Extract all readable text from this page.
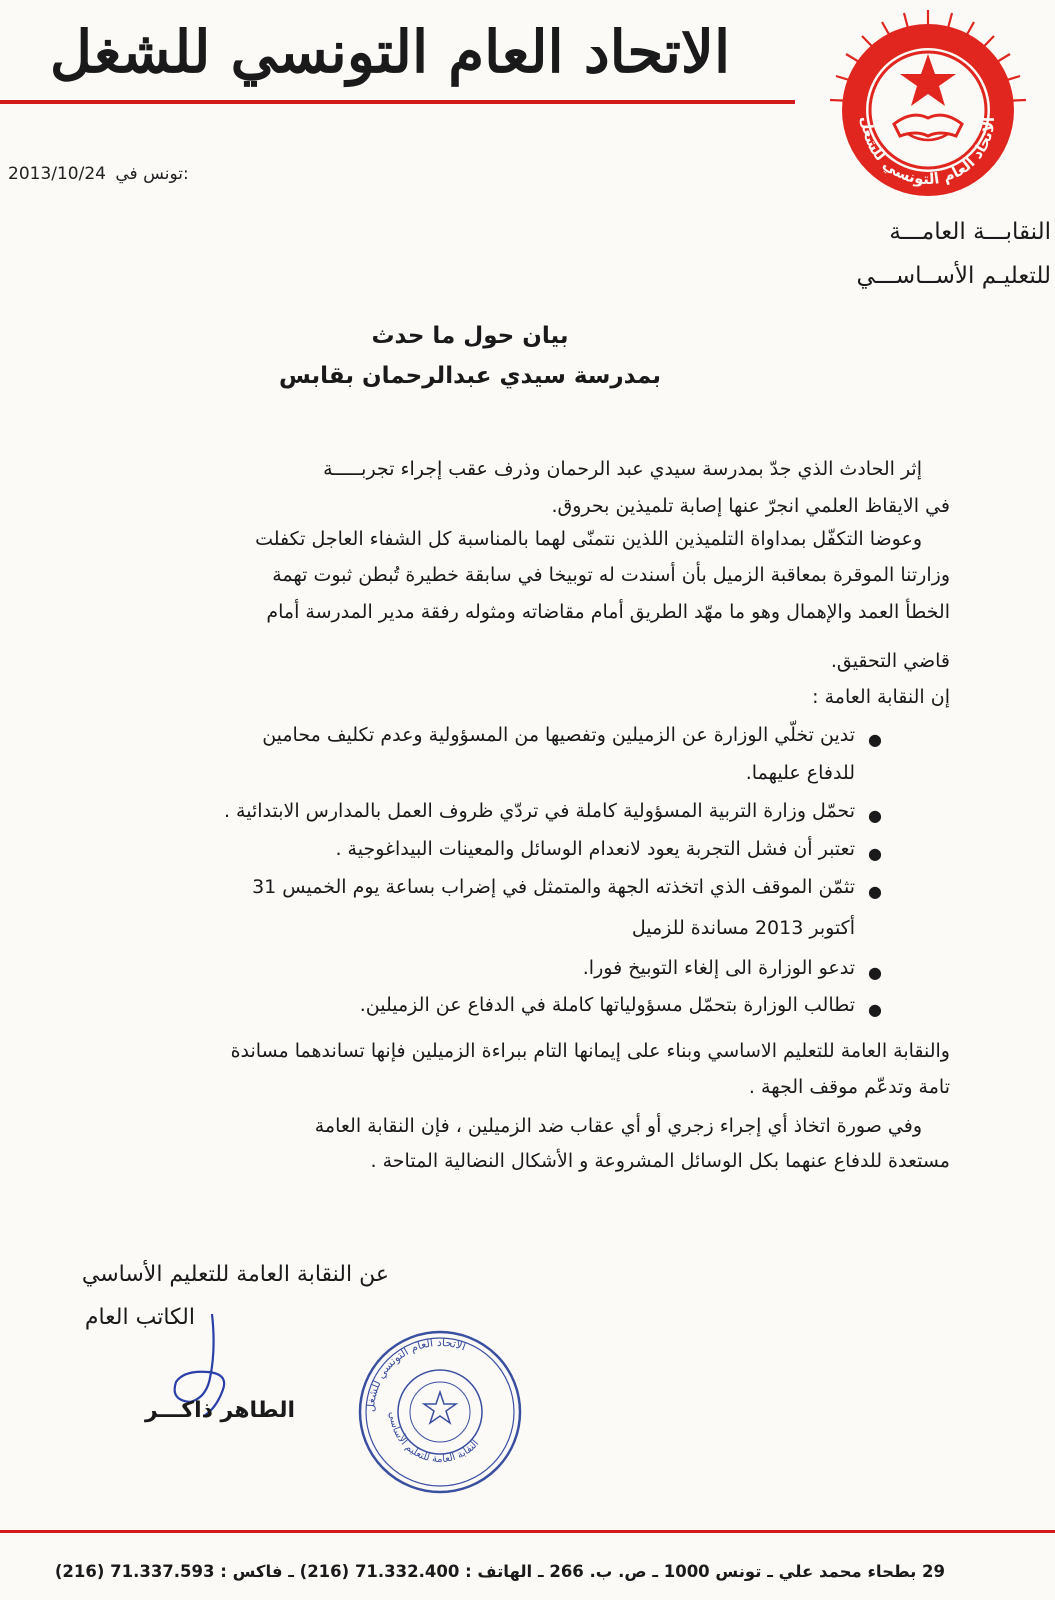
الاتحاد العام التونسي للشغل
الاتحاد العام التونسي للشغل
2013/10/24 تونس في:
النقابـــة العامـــة
للتعليـم الأســاســـي
بيان حول ما حدث
بمدرسة سيدي عبدالرحمان بقابس
إثر الحادث الذي جدّ بمدرسة سيدي عبد الرحمان وذرف عقب إجراء تجربـــــة
في الايقاظ العلمي انجرّ عنها إصابة تلميذين بحروق.
وعوضا التكفّل بمداواة التلميذين اللذين نتمنّى لهما بالمناسبة كل الشفاء العاجل تكفلت
وزارتنا الموقرة بمعاقبة الزميل بأن أسندت له توبيخا في سابقة خطيرة تُبطن ثبوت تهمة
الخطأ العمد والإهمال وهو ما مهّد الطريق أمام مقاضاته ومثوله رفقة مدير المدرسة أمام
قاضي التحقيق.
إن النقابة العامة :
●
تدين تخلّي الوزارة عن الزميلين وتفصيها من المسؤولية وعدم تكليف محامين
للدفاع عليهما.
●
تحمّل وزارة التربية المسؤولية كاملة في تردّي ظروف العمل بالمدارس الابتدائية .
●
تعتبر أن فشل التجربة يعود لانعدام الوسائل والمعينات البيداغوجية .
●
تثمّن الموقف الذي اتخذته الجهة والمتمثل في إضراب بساعة يوم الخميس 31
أكتوبر 2013 مساندة للزميل
●
تدعو الوزارة الى إلغاء التوبيخ فورا.
●
تطالب الوزارة بتحمّل مسؤولياتها كاملة في الدفاع عن الزميلين.
والنقابة العامة للتعليم الاساسي وبناء على إيمانها التام ببراءة الزميلين فإنها تساندهما مساندة
تامة وتدعّم موقف الجهة .
وفي صورة اتخاذ أي إجراء زجري أو أي عقاب ضد الزميلين ، فإن النقابة العامة
مستعدة للدفاع عنهما بكل الوسائل المشروعة و الأشكال النضالية المتاحة .
عن النقابة العامة للتعليم الأساسي
الكاتب العام
الطاهر ذاكـــر	الاتحاد العام التونسي للشغل
النقابة العامة للتعليم الأساسي
29 بطحاء محمد علي ـ تونس 1000 ـ ص. ب. 266 ـ الهاتف : 71.332.400 (216) ـ فاكس : 71.337.593 (216)
